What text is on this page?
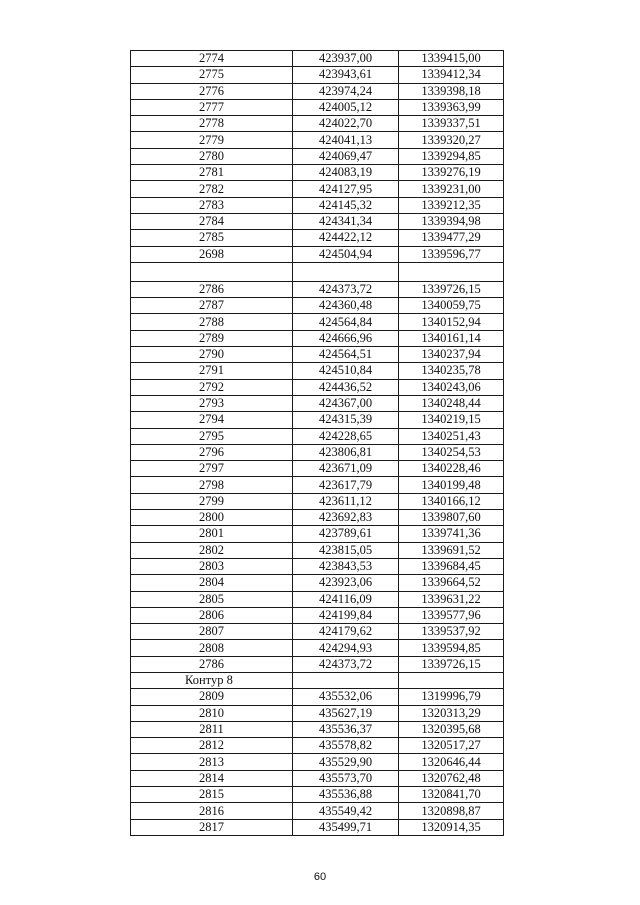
2774	423937,00	1339415,00
2775	423943,61	1339412,34
2776	423974,24	1339398,18
2777	424005,12	1339363,99
2778	424022,70	1339337,51
2779	424041,13	1339320,27
2780	424069,47	1339294,85
2781	424083,19	1339276,19
2782	424127,95	1339231,00
2783	424145,32	1339212,35
2784	424341,34	1339394,98
2785	424422,12	1339477,29
2698	424504,94	1339596,77

2786	424373,72	1339726,15
2787	424360,48	1340059,75
2788	424564,84	1340152,94
2789	424666,96	1340161,14
2790	424564,51	1340237,94
2791	424510,84	1340235,78
2792	424436,52	1340243,06
2793	424367,00	1340248,44
2794	424315,39	1340219,15
2795	424228,65	1340251,43
2796	423806,81	1340254,53
2797	423671,09	1340228,46
2798	423617,79	1340199,48
2799	423611,12	1340166,12
2800	423692,83	1339807,60
2801	423789,61	1339741,36
2802	423815,05	1339691,52
2803	423843,53	1339684,45
2804	423923,06	1339664,52
2805	424116,09	1339631,22
2806	424199,84	1339577,96
2807	424179,62	1339537,92
2808	424294,93	1339594,85
2786	424373,72	1339726,15
Контур 8		
2809	435532,06	1319996,79
2810	435627,19	1320313,29
2811	435536,37	1320395,68
2812	435578,82	1320517,27
2813	435529,90	1320646,44
2814	435573,70	1320762,48
2815	435536,88	1320841,70
2816	435549,42	1320898,87
2817	435499,71	1320914,35
60
